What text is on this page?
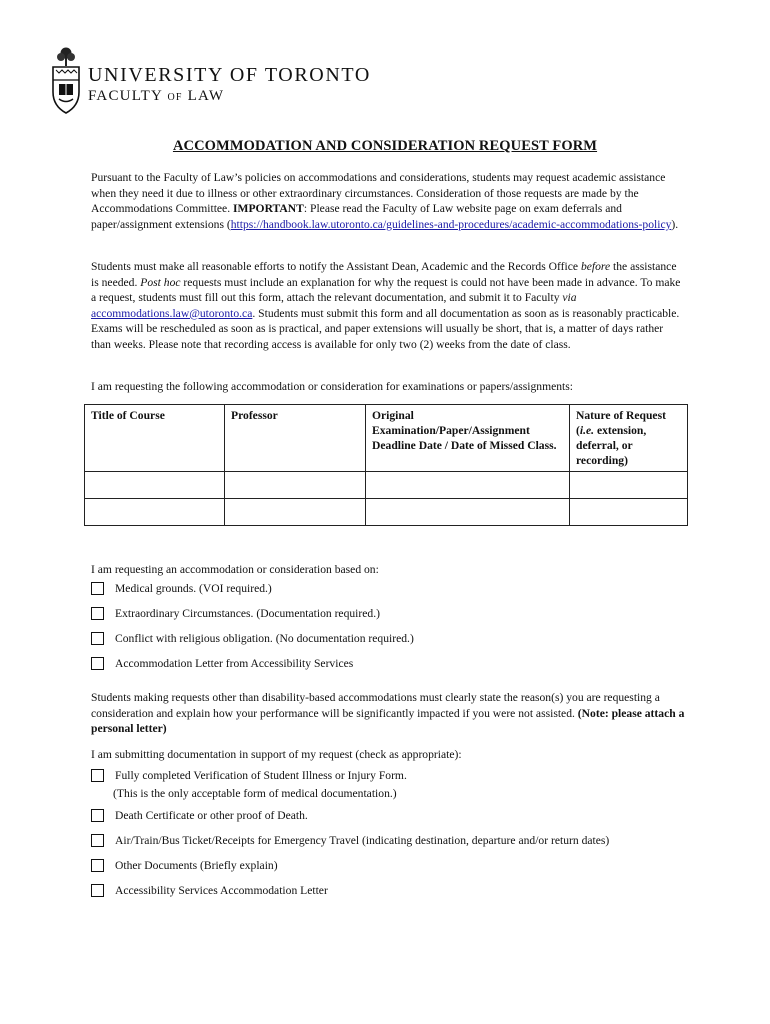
UNIVERSITY OF TORONTO
FACULTY OF LAW
ACCOMMODATION AND CONSIDERATION REQUEST FORM

Pursuant to the Faculty of Law’s policies on accommodations and considerations, students may request academic assistance when they need it due to illness or other extraordinary circumstances. Consideration of those requests are made by the Accommodations Committee. IMPORTANT: Please read the Faculty of Law website page on exam deferrals and paper/assignment extensions (https://handbook.law.utoronto.ca/guidelines-and-procedures/academic-accommodations-policy).

Students must make all reasonable efforts to notify the Assistant Dean, Academic and the Records Office before the assistance is needed. Post hoc requests must include an explanation for why the request is could not have been made in advance. To make a request, students must fill out this form, attach the relevant documentation, and submit it to Faculty via accommodations.law@utoronto.ca. Students must submit this form and all documentation as soon as is reasonably practicable. Exams will be rescheduled as soon as is practical, and paper extensions will usually be short, that is, a matter of days rather than weeks. Please note that recording access is available for only two (2) weeks from the date of class.

I am requesting the following accommodation or consideration for examinations or papers/assignments:

Title of Course	Professor	Original Examination/Paper/Assignment Deadline Date / Date of Missed Class.	Nature of Request (i.e. extension, deferral, or recording)

I am requesting an accommodation or consideration based on:

Medical grounds. (VOI required.)
Extraordinary Circumstances. (Documentation required.)
Conflict with religious obligation. (No documentation required.)
Accommodation Letter from Accessibility Services

Students making requests other than disability-based accommodations must clearly state the reason(s) you are requesting a consideration and explain how your performance will be significantly impacted if you were not assisted. (Note: please attach a personal letter)

I am submitting documentation in support of my request (check as appropriate):

Fully completed Verification of Student Illness or Injury Form.
(This is the only acceptable form of medical documentation.)
Death Certificate or other proof of Death.
Air/Train/Bus Ticket/Receipts for Emergency Travel (indicating destination, departure and/or return dates)
Other Documents (Briefly explain)
Accessibility Services Accommodation Letter
